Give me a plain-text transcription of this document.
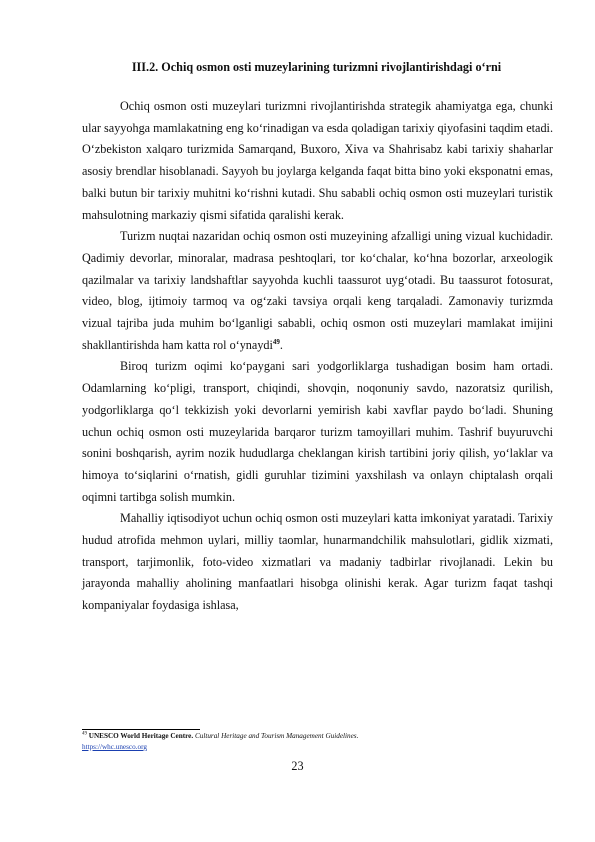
III.2. Ochiq osmon osti muzeylarining turizmni rivojlantirishdagi o‘rni

Ochiq osmon osti muzeylari turizmni rivojlantirishda strategik ahamiyatga ega, chunki ular sayyohga mamlakatning eng ko‘rinadigan va esda qoladigan tarixiy qiyofasini taqdim etadi. O‘zbekiston xalqaro turizmida Samarqand, Buxoro, Xiva va Shahrisabz kabi tarixiy shaharlar asosiy brendlar hisoblanadi. Sayyoh bu joylarga kelganda faqat bitta bino yoki eksponatni emas, balki butun bir tarixiy muhitni ko‘rishni kutadi. Shu sababli ochiq osmon osti muzeylari turistik mahsulotning markaziy qismi sifatida qaralishi kerak.

Turizm nuqtai nazaridan ochiq osmon osti muzeyining afzalligi uning vizual kuchidadir. Qadimiy devorlar, minoralar, madrasa peshtoqlari, tor ko‘chalar, ko‘hna bozorlar, arxeologik qazilmalar va tarixiy landshaftlar sayyohda kuchli taassurot uyg‘otadi. Bu taassurot fotosurat, video, blog, ijtimoiy tarmoq va og‘zaki tavsiya orqali keng tarqaladi. Zamonaviy turizmda vizual tajriba juda muhim bo‘lganligi sababli, ochiq osmon osti muzeylari mamlakat imijini shakllantirishda ham katta rol o‘ynaydi$^{49}$.

Biroq turizm oqimi ko‘paygani sari yodgorliklarga tushadigan bosim ham ortadi. Odamlarning ko‘pligi, transport, chiqindi, shovqin, noqonuniy savdo, nazoratsiz qurilish, yodgorliklarga qo‘l tekkizish yoki devorlarni yemirish kabi xavflar paydo bo‘ladi. Shuning uchun ochiq osmon osti muzeylarida barqaror turizm tamoyillari muhim. Tashrif buyuruvchi sonini boshqarish, ayrim nozik hududlarga cheklangan kirish tartibini joriy qilish, yo‘laklar va himoya to‘siqlarini o‘rnatish, gidli guruhlar tizimini yaxshilash va onlayn chiptalash orqali oqimni tartibga solish mumkin.

Mahalliy iqtisodiyot uchun ochiq osmon osti muzeylari katta imkoniyat yaratadi. Tarixiy hudud atrofida mehmon uylari, milliy taomlar, hunarmandchilik mahsulotlari, gidlik xizmati, transport, tarjimonlik, foto-video xizmatlari va madaniy tadbirlar rivojlanadi. Lekin bu jarayonda mahalliy aholining manfaatlari hisobga olinishi kerak. Agar turizm faqat tashqi kompaniyalar foydasiga ishlasa,

$^{49}$ UNESCO World Heritage Centre. Cultural Heritage and Tourism Management Guidelines.
https://whc.unesco.org
23
